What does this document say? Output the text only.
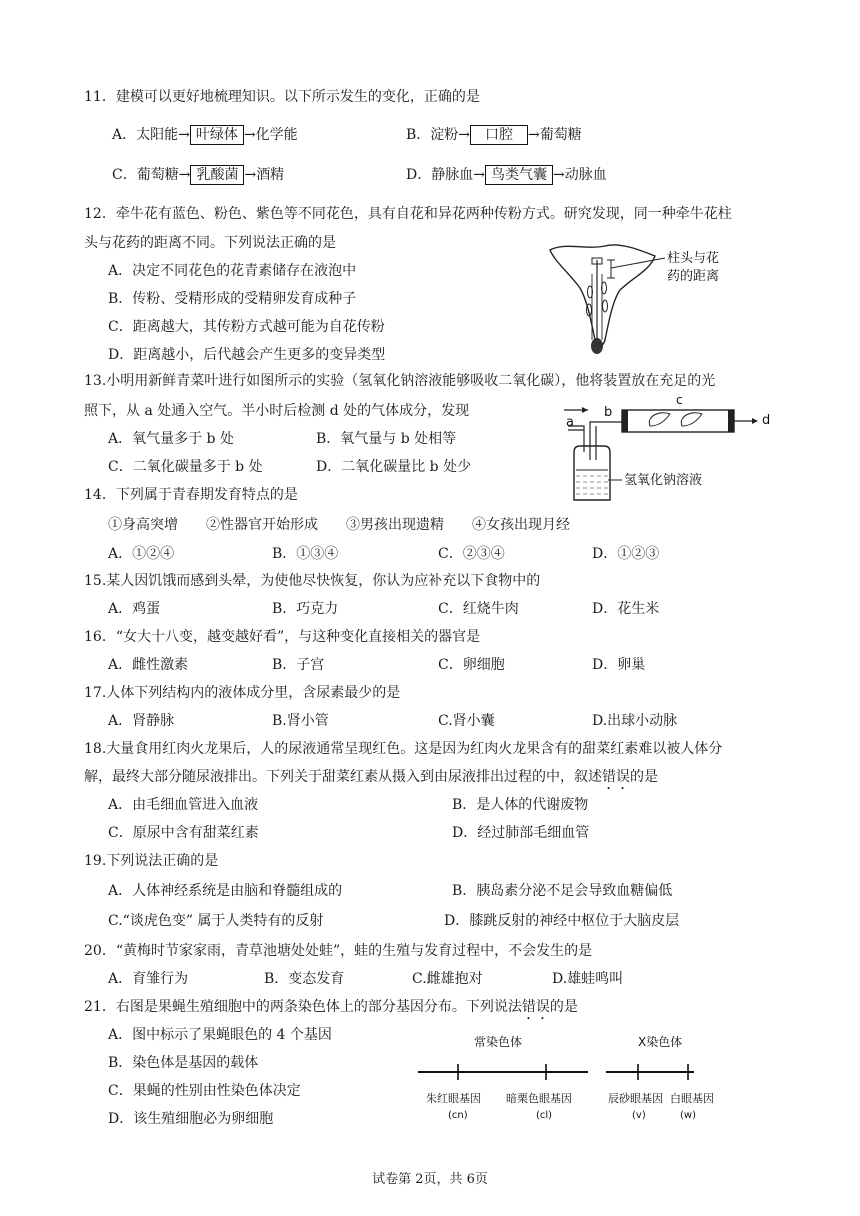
11．建模可以更好地梳理知识。以下所示发生的变化，正确的是
A．太阳能→ 叶绿体 →化学能	B．淀粉→ 口腔 →葡萄糖
C．葡萄糖→ 乳酸菌 →酒精	D．静脉血→ 鸟类气囊 →动脉血
12．牵牛花有蓝色、粉色、紫色等不同花色，具有自花和异花两种传粉方式。研究发现，同一种牵牛花柱
头与花药的距离不同。下列说法正确的是
A．决定不同花色的花青素储存在液泡中
B．传粉、受精形成的受精卵发育成种子
C．距离越大，其传粉方式越可能为自花传粉
D．距离越小，后代越会产生更多的变异类型
柱头与花
药的距离
13.小明用新鲜青菜叶进行如图所示的实验（氢氧化钠溶液能够吸收二氧化碳），他将装置放在充足的光
照下，从 a 处通入空气。半小时后检测 d 处的气体成分，发现
A．氧气量多于 b 处	B．氧气量与 b 处相等
C．二氧化碳量多于 b 处	D．二氧化碳量比 b 处少
a
b
c
d
氢氧化钠溶液
14．下列属于青春期发育特点的是
①身高突增　　②性器官开始形成　　③男孩出现遗精　　④女孩出现月经
A．①②④	B．①③④	C．②③④	D．①②③
15.某人因饥饿而感到头晕，为使他尽快恢复，你认为应补充以下食物中的
A．鸡蛋	B．巧克力	C．红烧牛肉	D．花生米
16．“女大十八变，越变越好看”，与这种变化直接相关的器官是
A．雌性激素	B．子宫	C．卵细胞	D．卵巢
17.人体下列结构内的液体成分里，含尿素最少的是
A．肾静脉	B.肾小管	C.肾小囊	D.出球小动脉
18.大量食用红肉火龙果后，人的尿液通常呈现红色。这是因为红肉火龙果含有的甜菜红素难以被人体分
解，最终大部分随尿液排出。下列关于甜菜红素从摄入到由尿液排出过程的中，叙述错误的是
A．由毛细血管进入血液	B．是人体的代谢废物
C．原尿中含有甜菜红素	D．经过肺部毛细血管
19.下列说法正确的是
A．人体神经系统是由脑和脊髓组成的	B．胰岛素分泌不足会导致血糖偏低
C.“谈虎色变” 属于人类特有的反射	D．膝跳反射的神经中枢位于大脑皮层
20．“黄梅时节家家雨，青草池塘处处蛙”，蛙的生殖与发育过程中，不会发生的是
A．育雏行为	B．变态发育	C.雌雄抱对	D.雄蛙鸣叫
21．右图是果蝇生殖细胞中的两条染色体上的部分基因分布。下列说法错误的是
A．图中标示了果蝇眼色的 4 个基因
B．染色体是基因的载体
C．果蝇的性别由性染色体决定
D．该生殖细胞必为卵细胞
常染色体	X染色体
朱红眼基因
(cn)
暗栗色眼基因
(cl)
辰砂眼基因
(v)
白眼基因
(w)
试卷第 2页，共 6页
